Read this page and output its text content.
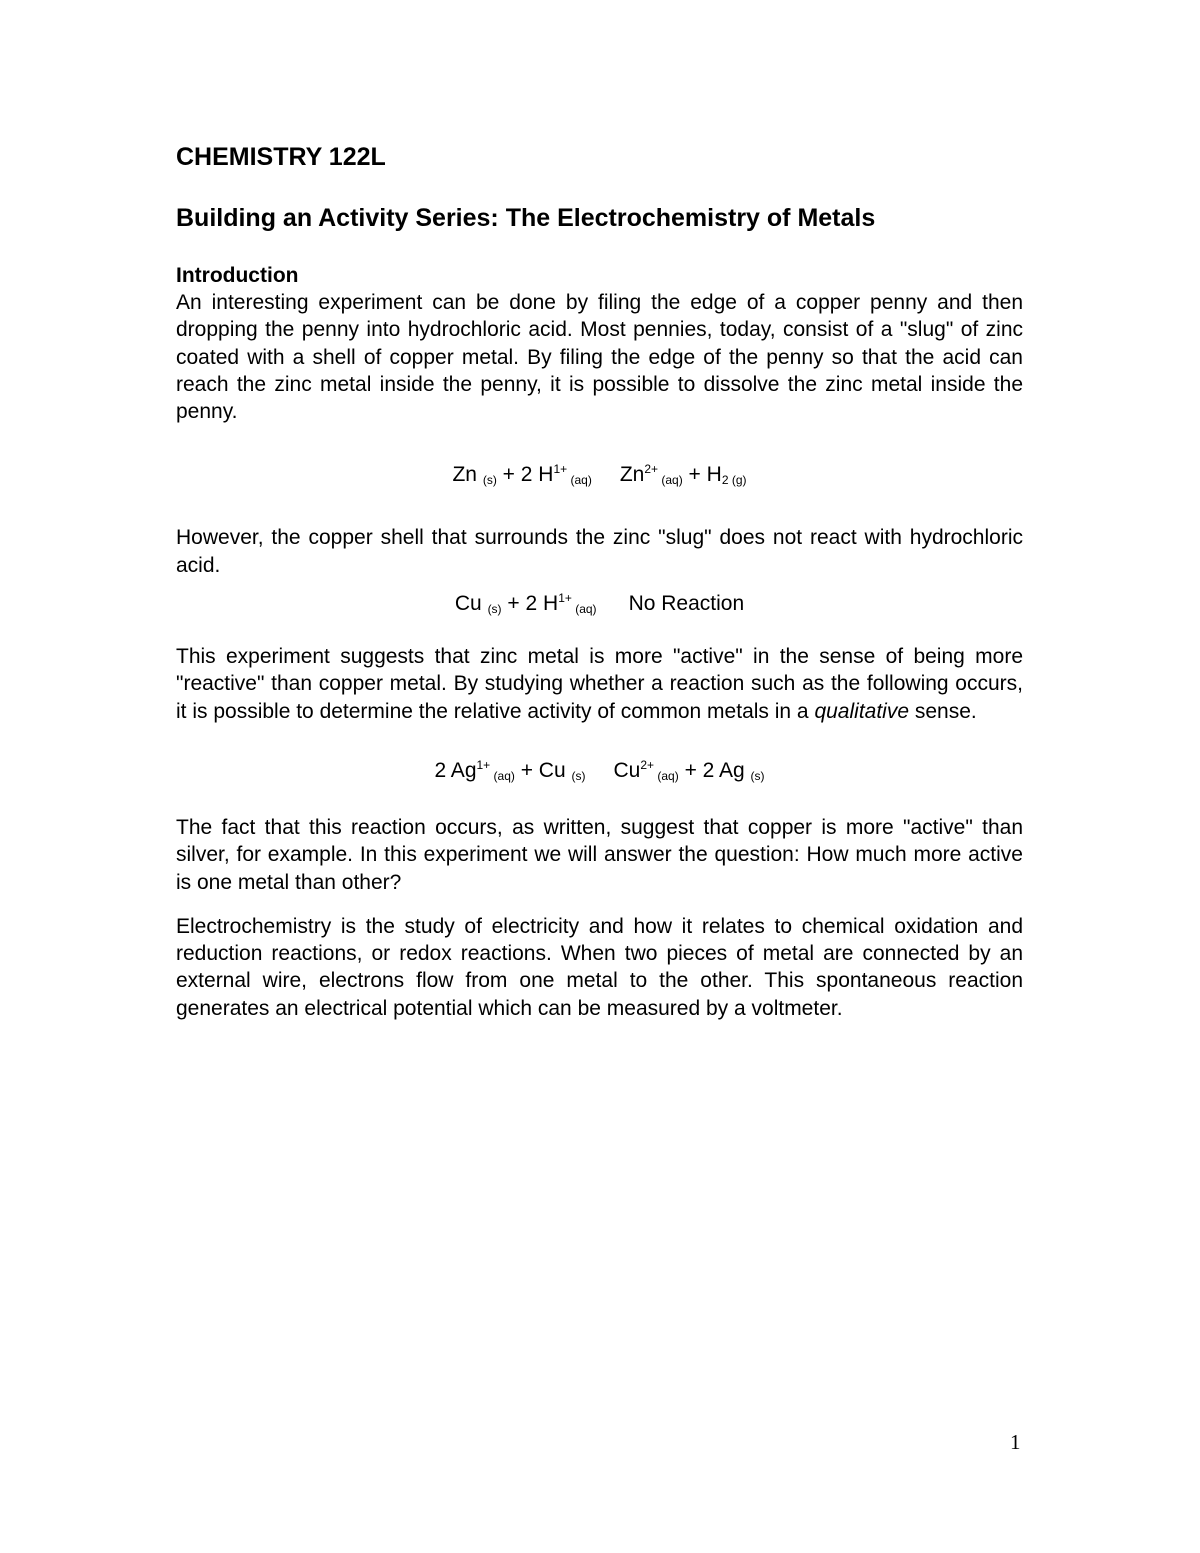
CHEMISTRY 122L
Building an Activity Series: The Electrochemistry of Metals
Introduction

An interesting experiment can be done by filing the edge of a copper penny and then dropping the penny into hydrochloric acid. Most pennies, today, consist of a "slug" of zinc coated with a shell of copper metal. By filing the edge of the penny so that the acid can reach the zinc metal inside the penny, it is possible to dissolve the zinc metal inside the penny.

Zn $_{(s)}$ + 2 $H^{1+}$ $_{(aq)}$ $Zn^{2+}$ $_{(aq)} + H_{2 (g)}$

However, the copper shell that surrounds the zinc "slug" does not react with hydrochloric acid.

Cu $_{(s)}$ + 2 $H^{1+}$ $_{(aq)}$ No Reaction

This experiment suggests that zinc metal is more "active" in the sense of being more "reactive" than copper metal. By studying whether a reaction such as the following occurs, it is possible to determine the relative activity of common metals in a qualitative sense.

2 $Ag^{1+}$ $_{(aq)}$ + Cu $_{(s)}$ $Cu^{2+}$ $_{(aq)}$ + 2 Ag $_{(s)}$

The fact that this reaction occurs, as written, suggest that copper is more "active" than silver, for example. In this experiment we will answer the question: How much more active is one metal than other?

Electrochemistry is the study of electricity and how it relates to chemical oxidation and reduction reactions, or redox reactions. When two pieces of metal are connected by an external wire, electrons flow from one metal to the other. This spontaneous reaction generates an electrical potential which can be measured by a voltmeter.

1
